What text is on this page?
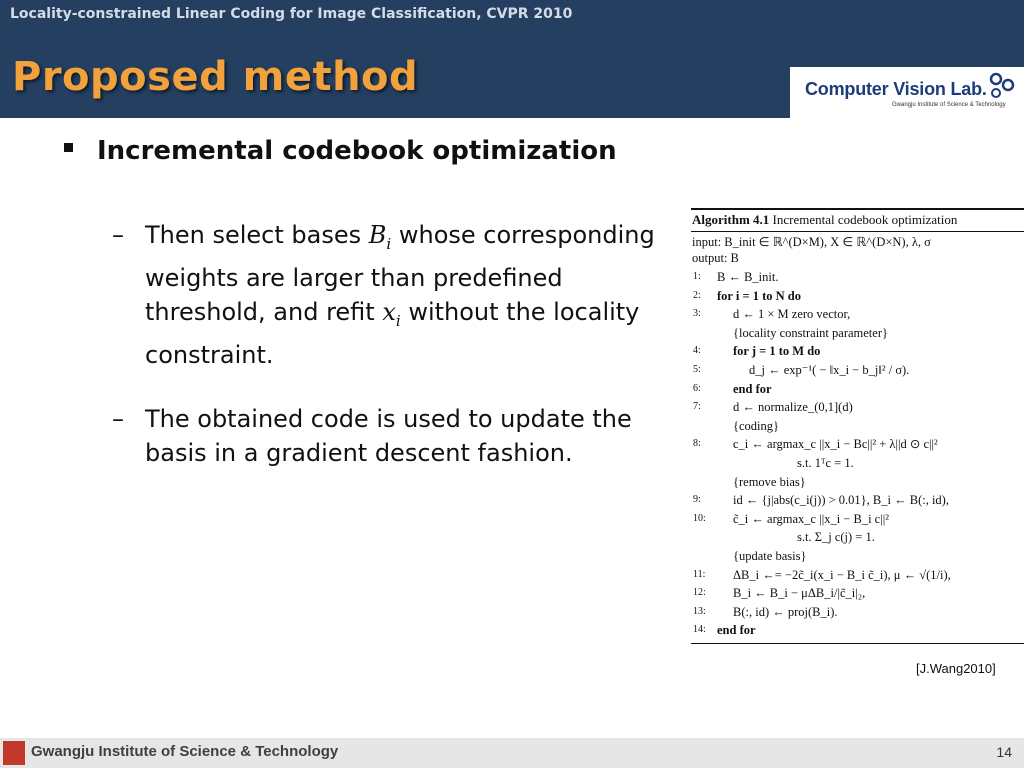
Locality-constrained Linear Coding for Image Classification, CVPR 2010
Proposed method	Computer Vision Lab.
Gwangju Institute of Science & Technology
Incremental codebook optimization
– Then select bases $B_i$ whose corresponding weights are larger than predefined threshold, and refit $x_i$ without the locality constraint.
– The obtained code is used to update the basis in a gradient descent fashion.
Algorithm 4.1 Incremental codebook optimization
input: B_init ∈ ℝ^(D×M), X ∈ ℝ^(D×N), λ, σ
output: B
1:	B ← B_init.
2:	for i = 1 to N do
3:	d ← 1 × M zero vector,
{locality constraint parameter}
4:	for j = 1 to M do
5:	d_j ← exp⁻¹( − ‖x_i − b_j‖² / σ).
6:	end for
7:	d ← normalize_(0,1](d)
{coding}
8:	c_i ← argmax_c ||x_i − Bc||² + λ||d ⊙ c||²
s.t. 1ᵀc = 1.
{remove bias}
9:	id ← {j|abs(c_i(j)) > 0.01}, B_i ← B(:, id),
10:	c̃_i ← argmax_c ||x_i − B_i c||²
s.t. Σ_j c(j) = 1.
{update basis}
11:	ΔB_i ←= −2c̃_i(x_i − B_i c̃_i), μ ← √(1/i),
12:	B_i ← B_i − μΔB_i/|c̃_i|₂,
13:	B(:, id) ← proj(B_i).
14: end for
[J.Wang2010]
Gwangju Institute of Science & Technology	14
